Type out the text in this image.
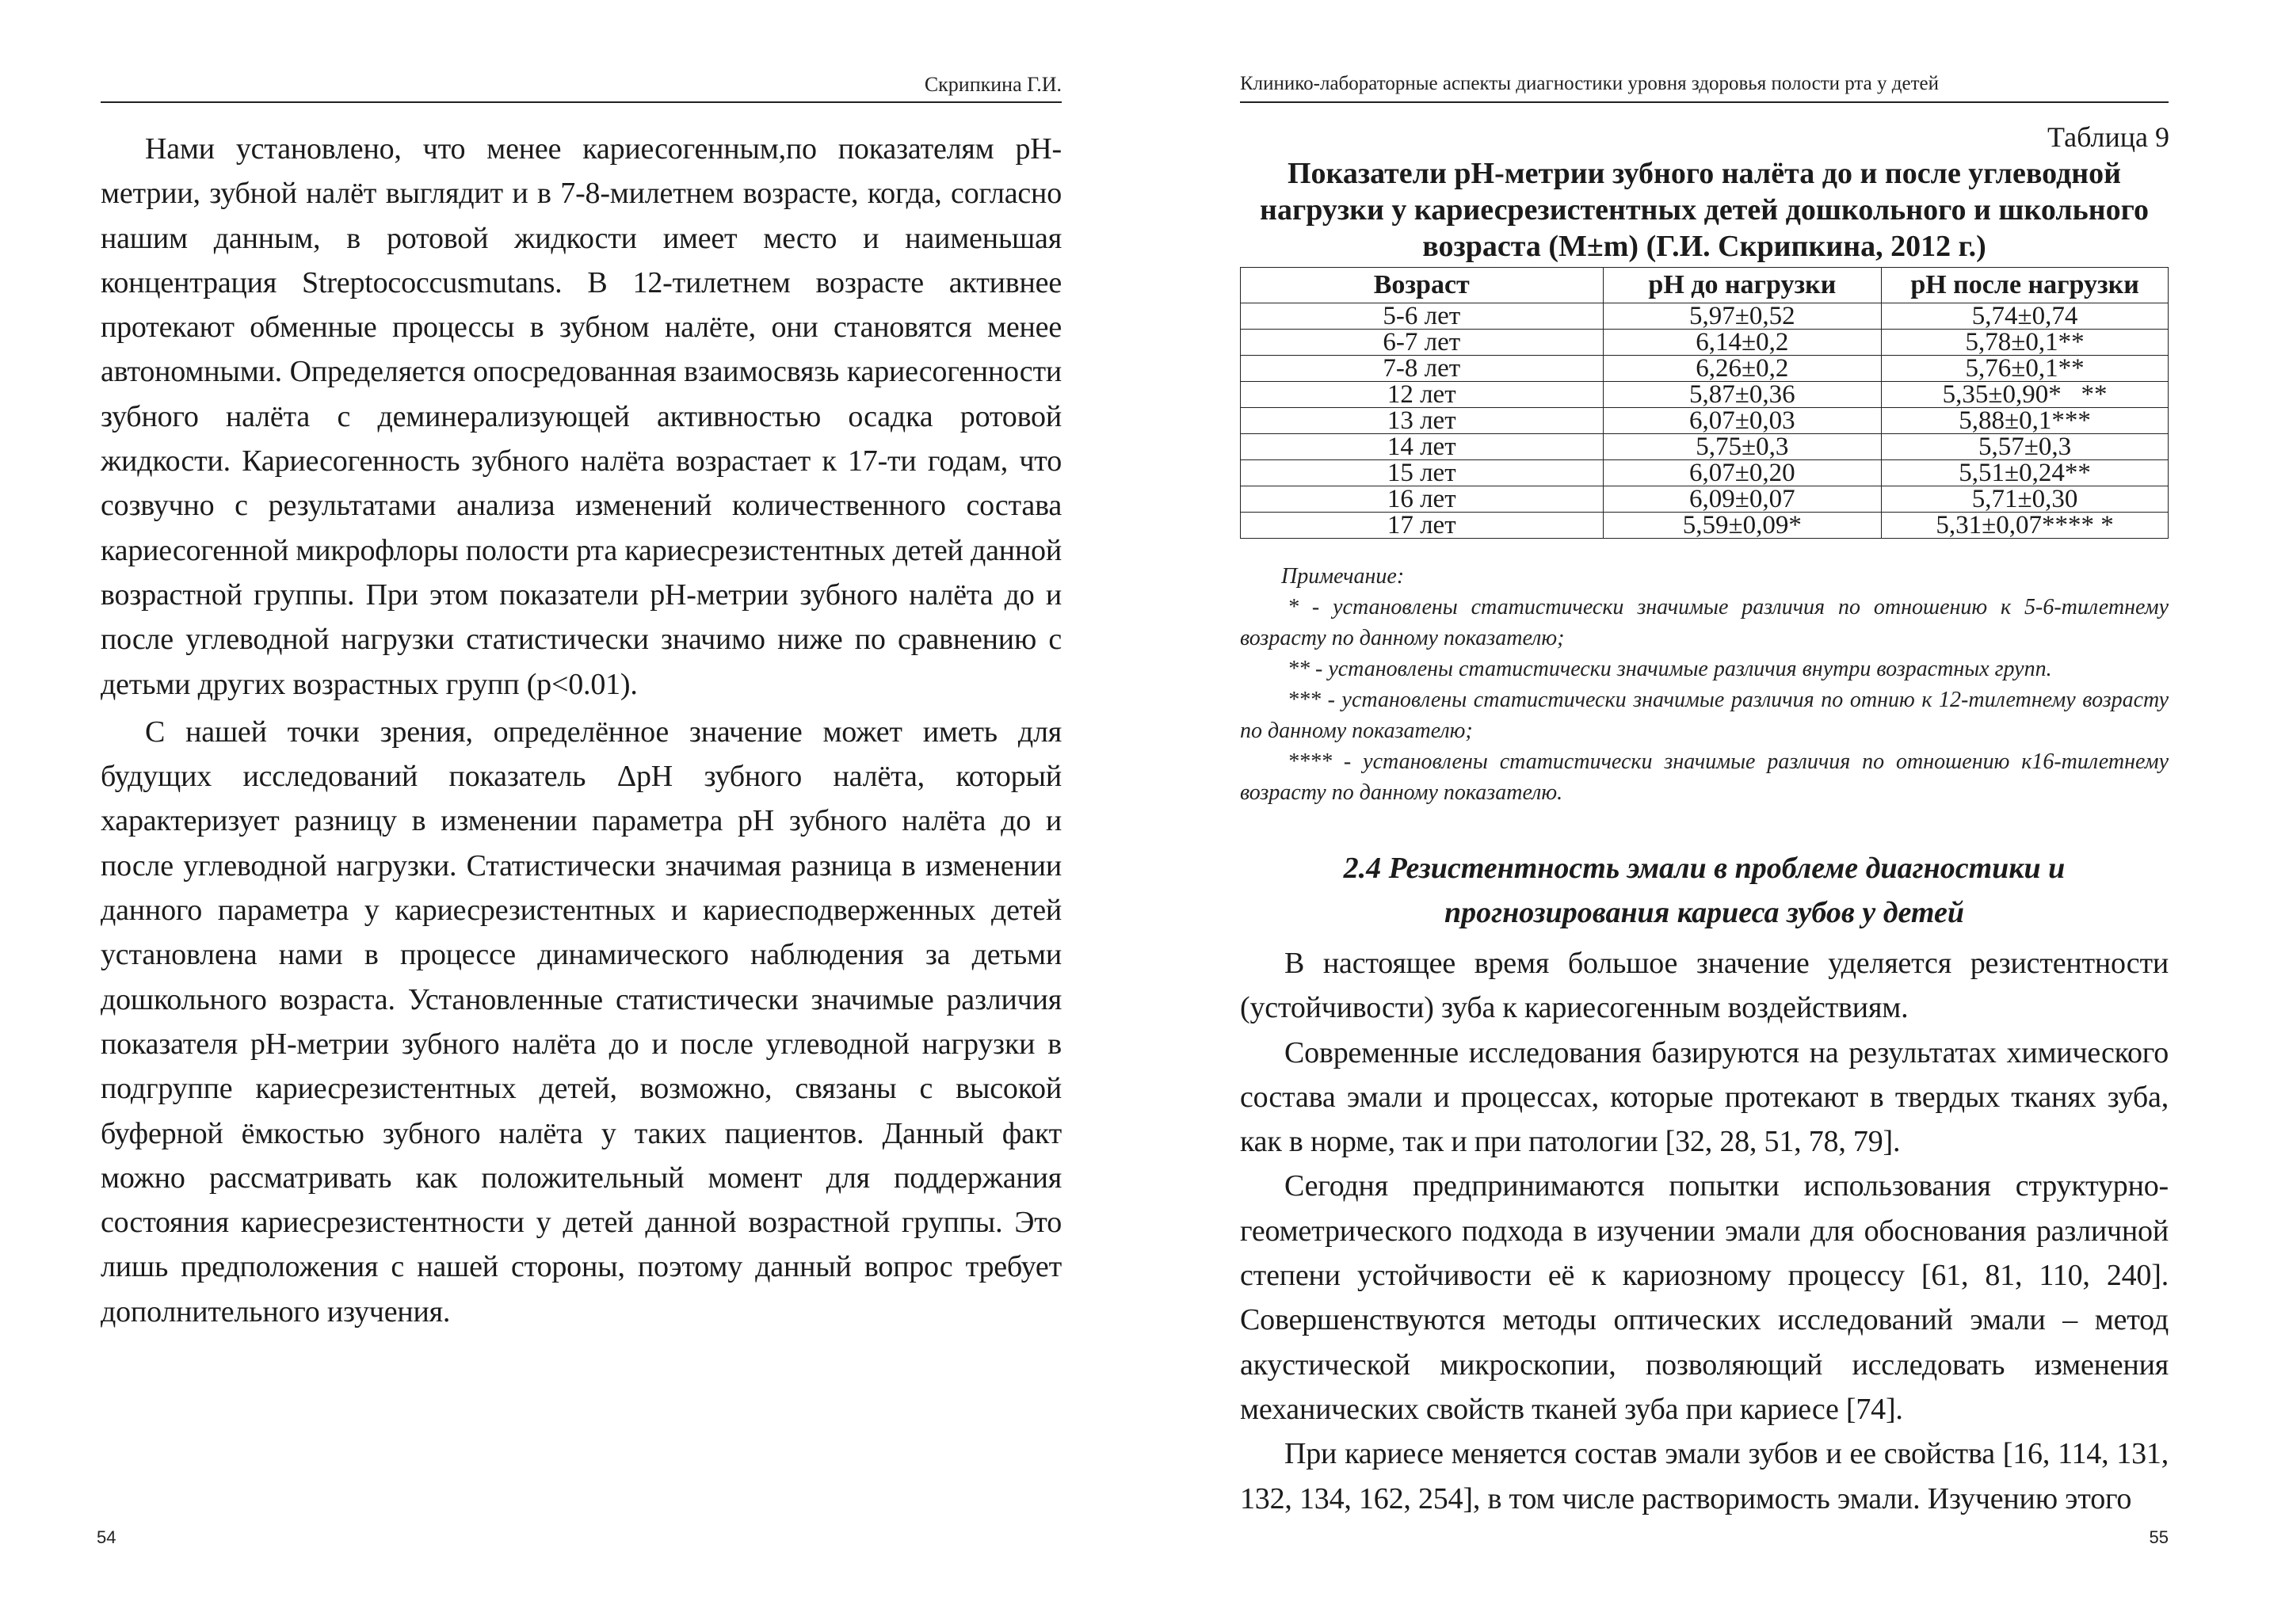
Скрипкина Г.И.

Нами установлено, что менее кариесогенным,по показателям pH-метрии, зубной налёт выглядит и в 7-8-милетнем возрасте, когда, согласно нашим данным, в ротовой жидкости имеет место и наименьшая концентрация Streptococcusmutans. В 12-тилетнем возрасте активнее протекают обменные процессы в зубном налёте, они становятся менее автономными. Определяется опосредованная взаимосвязь кариесогенности зубного налёта с деминерализующей активностью осадка ротовой жидкости. Кариесогенность зубного налёта возрастает к 17-ти годам, что созвучно с результатами анализа изменений количественного состава кариесогенной микрофлоры полости рта кариесрезистентных детей данной возрастной группы. При этом показатели pH-метрии зубного налёта до и после углеводной нагрузки статистически значимо ниже по сравнению с детьми других возрастных групп (p<0.01).

С нашей точки зрения, определённое значение может иметь для будущих исследований показатель ΔpH зубного налёта, который характеризует разницу в изменении параметра pH зубного налёта до и после углеводной нагрузки. Статистически значимая разница в изменении данного параметра у кариесрезистентных и кариесподверженных детей установлена нами в процессе динамического наблюдения за детьми дошкольного возраста. Установленные статистически значимые различия показателя pH-метрии зубного налёта до и после углеводной нагрузки в подгруппе кариесрезистентных детей, возможно, связаны с высокой буферной ёмкостью зубного налёта у таких пациентов. Данный факт можно рассматривать как положительный момент для поддержания состояния кариесрезистентности у детей данной возрастной группы. Это лишь предположения с нашей стороны, поэтому данный вопрос требует дополнительного изучения.

54
Клинико-лабораторные аспекты диагностики уровня здоровья полости рта у детей
Таблица 9
Показатели pH-метрии зубного налёта до и после углеводной нагрузки у кариесрезистентных детей дошкольного и школьного возраста (M±m) (Г.И. Скрипкина, 2012 г.)
Возраст	pH до нагрузки	pH после нагрузки
5-6 лет	5,97±0,52	5,74±0,74
6-7 лет	6,14±0,2	5,78±0,1**
7-8 лет	6,26±0,2	5,76±0,1**
12 лет	5,87±0,36	5,35±0,90*   **
13 лет	6,07±0,03	5,88±0,1***
14 лет	5,75±0,3	5,57±0,3
15 лет	6,07±0,20	5,51±0,24**
16 лет	6,09±0,07	5,71±0,30
17 лет	5,59±0,09*	5,31±0,07**** *

Примечание:

* - установлены статистически значимые различия по отношению к 5-6-тилетнему возрасту по данному показателю;

** - установлены статистически значимые различия внутри возрастных групп.

*** - установлены статистически значимые различия по отнию к 12-тилетнему возрасту по данному показателю;

**** - установлены статистически значимые различия по отношению к16-тилетнему возрасту по данному показателю.

2.4 Резистентность эмали в проблеме диагностики и прогнозирования кариеса зубов у детей

В настоящее время большое значение уделяется резистентности (устойчивости) зуба к кариесогенным воздействиям.

Современные исследования базируются на результатах химического состава эмали и процессах, которые протекают в твердых тканях зуба, как в норме, так и при патологии [32, 28, 51, 78, 79].

Сегодня предпринимаются попытки использования структурно-геометрического подхода в изучении эмали для обоснования различной степени устойчивости её к кариозному процессу [61, 81, 110, 240]. Совершенствуются методы оптических исследований эмали – метод акустической микроскопии, позволяющий исследовать изменения механических свойств тканей зуба при кариесе [74].

При кариесе меняется состав эмали зубов и ее свойства [16, 114, 131, 132, 134, 162, 254], в том числе растворимость эмали. Изучению этого

55
